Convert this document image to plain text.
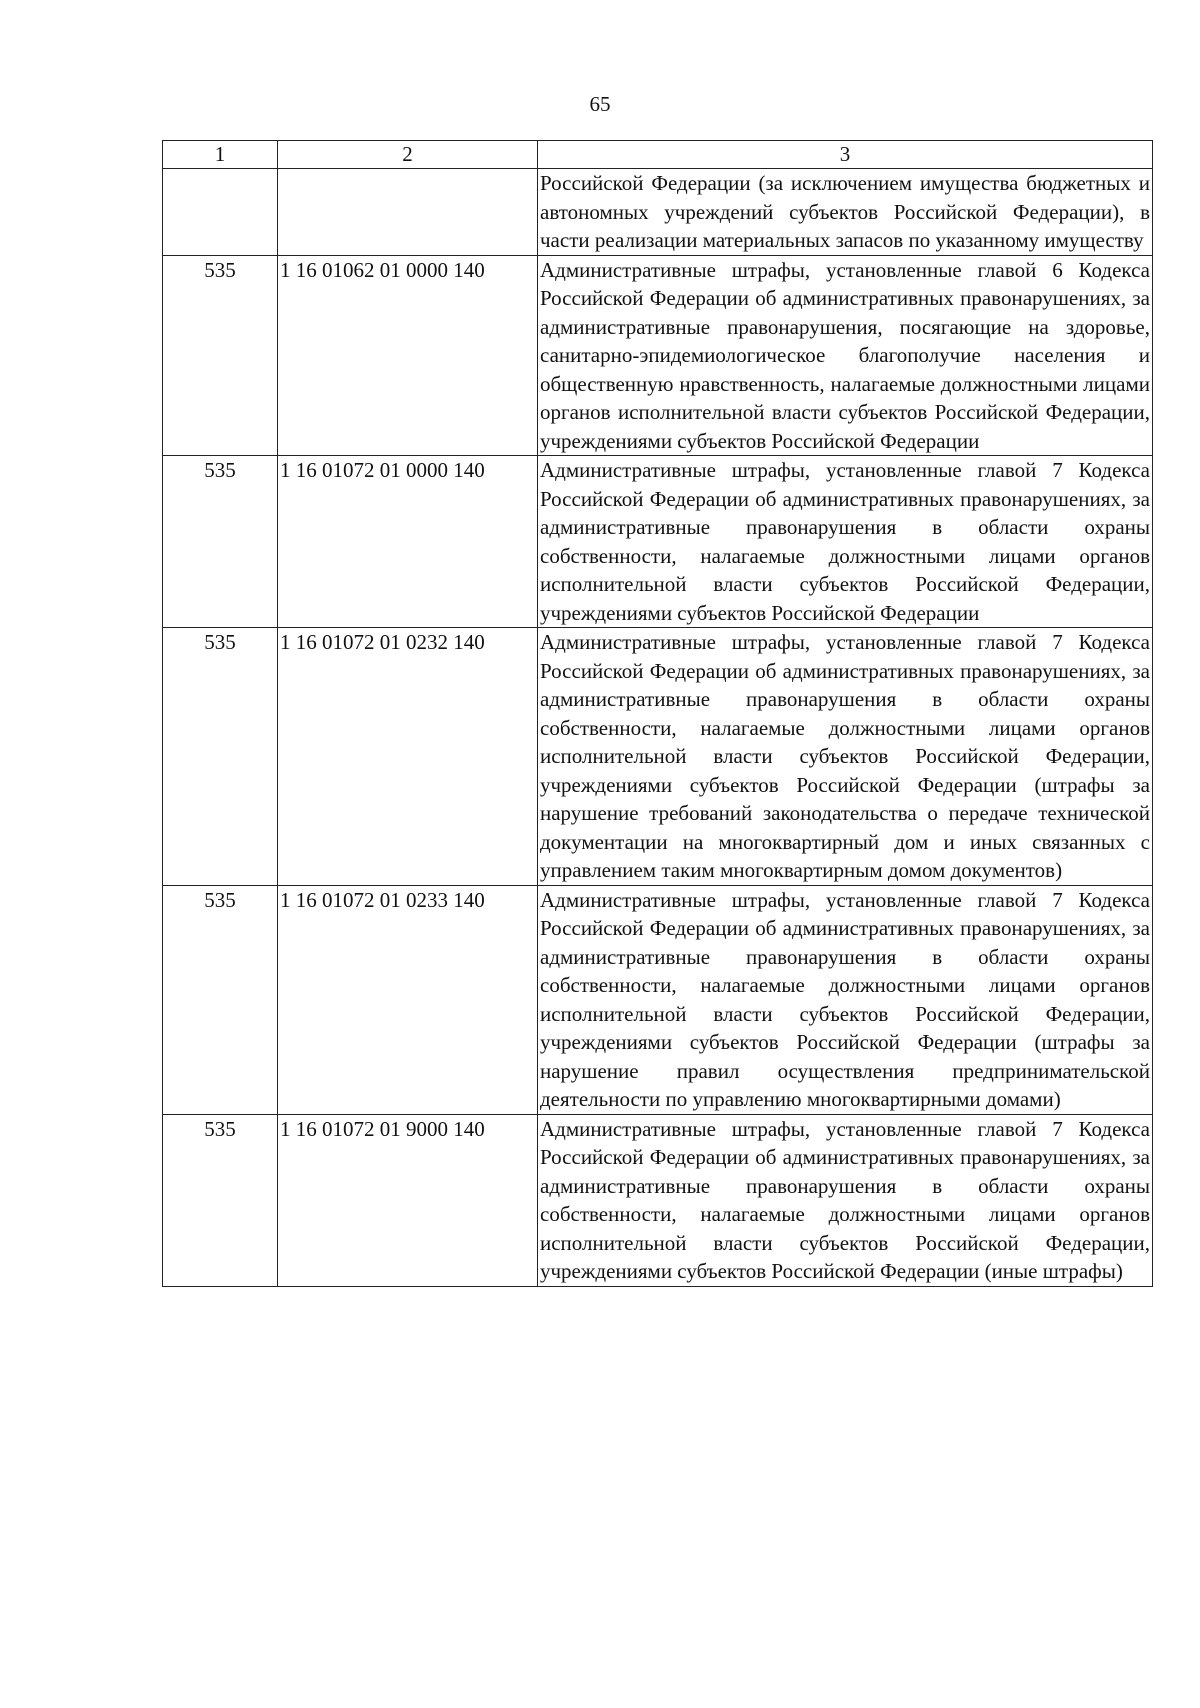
65
1	2	3
		Российской Федерации (за исключением имущества бюджетных и автономных учреждений субъектов Российской Федерации), в части реализации материальных запасов по указанному имуществу
535	1 16 01062 01 0000 140	Административные штрафы, установленные главой 6 Кодекса Российской Федерации об административных правонарушениях, за административные правонарушения, посягающие на здоровье, санитарно-эпидемиологическое благополучие населения и общественную нравственность, налагаемые должностными лицами органов исполнительной власти субъектов Российской Федерации, учреждениями субъектов Российской Федерации
535	1 16 01072 01 0000 140	Административные штрафы, установленные главой 7 Кодекса Российской Федерации об административных правонарушениях, за административные правонарушения в области охраны собственности, налагаемые должностными лицами органов исполнительной власти субъектов Российской Федерации, учреждениями субъектов Российской Федерации
535	1 16 01072 01 0232 140	Административные штрафы, установленные главой 7 Кодекса Российской Федерации об административных правонарушениях, за административные правонарушения в области охраны собственности, налагаемые должностными лицами органов исполнительной власти субъектов Российской Федерации, учреждениями субъектов Российской Федерации (штрафы за нарушение требований законодательства о передаче технической документации на многоквартирный дом и иных связанных с управлением таким многоквартирным домом документов)
535	1 16 01072 01 0233 140	Административные штрафы, установленные главой 7 Кодекса Российской Федерации об административных правонарушениях, за административные правонарушения в области охраны собственности, налагаемые должностными лицами органов исполнительной власти субъектов Российской Федерации, учреждениями субъектов Российской Федерации (штрафы за нарушение правил осуществления предпринимательской деятельности по управлению многоквартирными домами)
535	1 16 01072 01 9000 140	Административные штрафы, установленные главой 7 Кодекса Российской Федерации об административных правонарушениях, за административные правонарушения в области охраны собственности, налагаемые должностными лицами органов исполнительной власти субъектов Российской Федерации, учреждениями субъектов Российской Федерации (иные штрафы)
